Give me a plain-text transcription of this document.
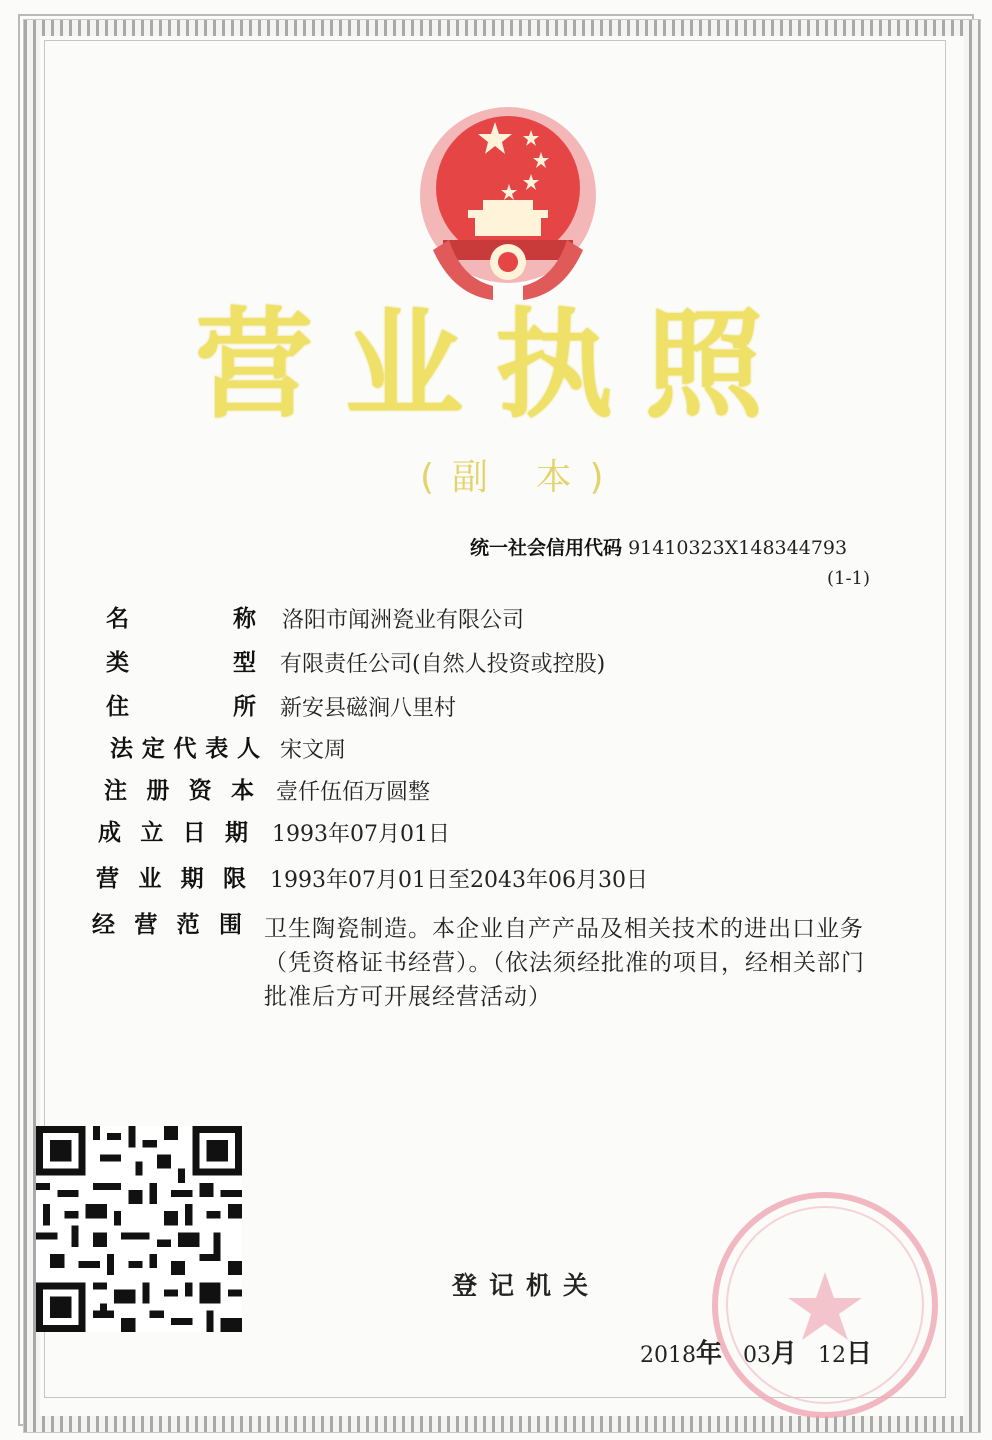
营业执照
(副 本)
统一社会信用代码 91410323X148344793
(1-1)
名　　　称 洛阳市闻洲瓷业有限公司
类　　　型 有限责任公司(自然人投资或控股)
住　　　所 新安县磁涧八里村
法定代表人 宋文周
注册资本 壹仟伍佰万圆整
成立日期 1993年07月01日
营业期限 1993年07月01日至2043年06月30日
经营范围 卫生陶瓷制造。本企业自产产品及相关技术的进出口业务（凭资格证书经营）。（依法须经批准的项目，经相关部门批准后方可开展经营活动）
登记机关
2018年 03月 12日
